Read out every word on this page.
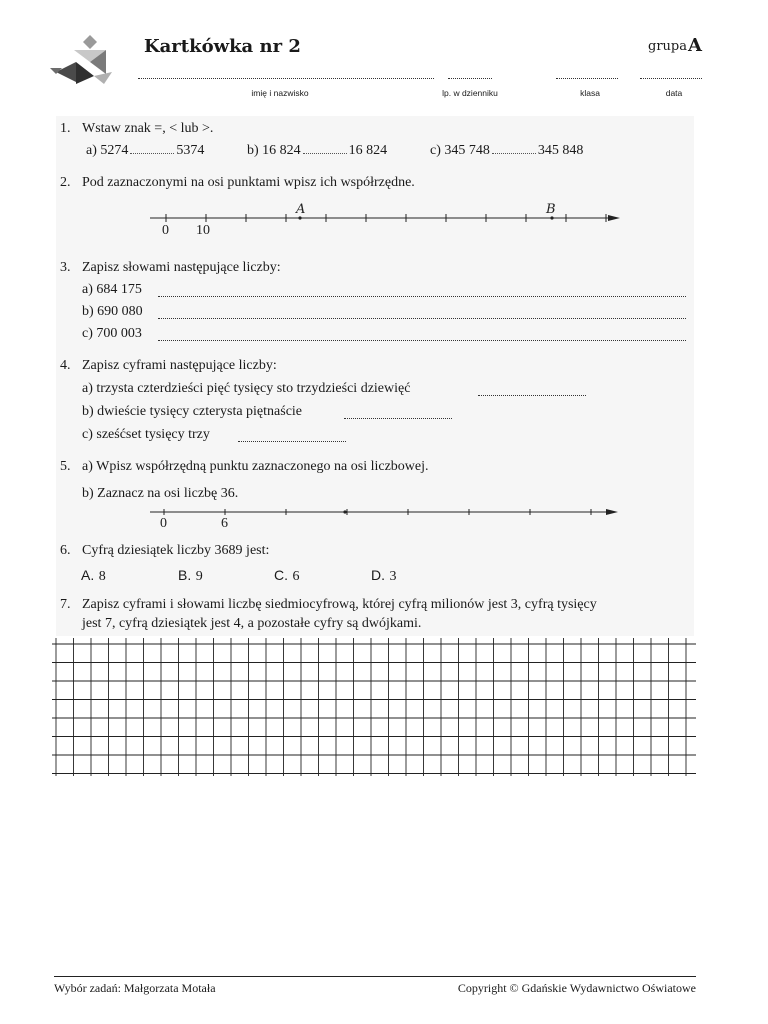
Kartkówka nr 2	grupa A
imię i nazwisko	lp. w dzienniku	klasa	data
1. Wstaw znak =, < lub >.
a) 5274	5374	b) 16 824	16 824	c) 345 748	345 848
2. Pod zaznaczonymi na osi punktami wpisz ich współrzędne.
A	B
0 10
3. Zapisz słowami następujące liczby:
a) 684 175
b) 690 080
c) 700 003
4. Zapisz cyframi następujące liczby:
a) trzysta czterdzieści pięć tysięcy sto trzydzieści dziewięć
b) dwieście tysięcy czterysta piętnaście
c) sześćset tysięcy trzy
5. a) Wpisz współrzędną punktu zaznaczonego na osi liczbowej.
b) Zaznacz na osi liczbę 36.
0	6
6. Cyfrą dziesiątek liczby 3689 jest:
A. 8	B. 9	C. 6	D. 3
7. Zapisz cyframi i słowami liczbę siedmiocyfrową, której cyfrą milionów jest 3, cyfrą tysięcy
jest 7, cyfrą dziesiątek jest 4, a pozostałe cyfry są dwójkami.
Wybór zadań: Małgorzata Motała	Copyright © Gdańskie Wydawnictwo Oświatowe
